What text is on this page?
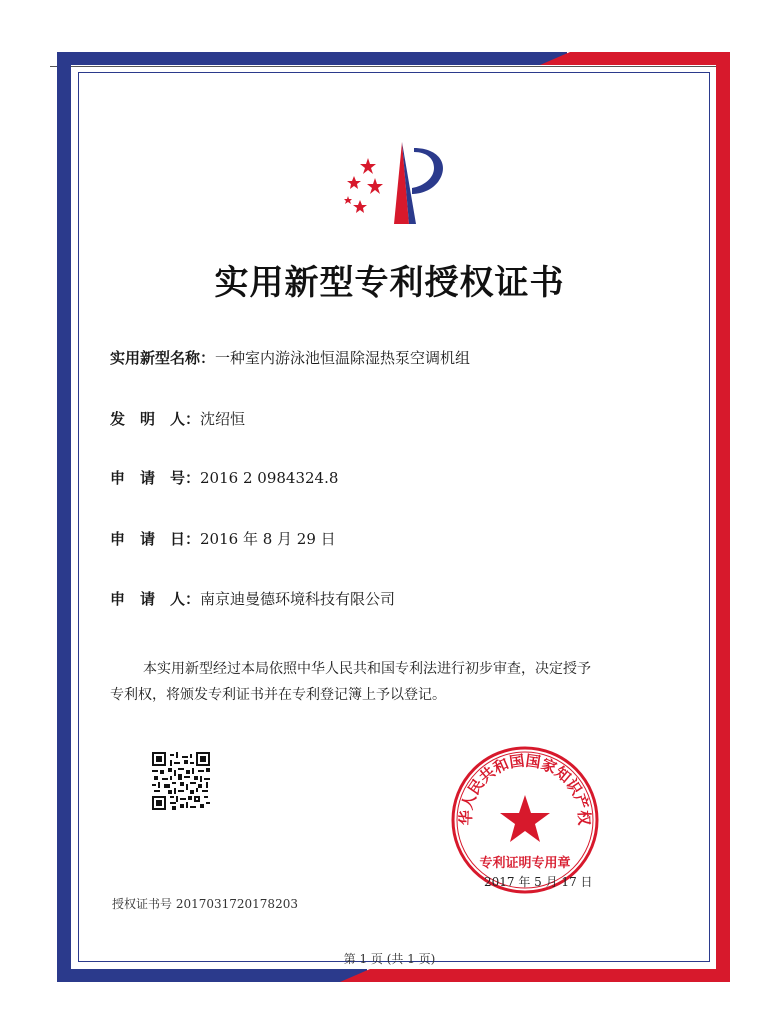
实用新型专利授权证书
实用新型名称：一种室内游泳池恒温除湿热泵空调机组
发　明　人：沈绍恒
申　请　号：2016 2 0984324.8
申　请　日：2016 年 8 月 29 日
申　请　人：南京迪曼德环境科技有限公司
本实用新型经过本局依照中华人民共和国专利法进行初步审查，决定授予
专利权，将颁发专利证书并在专利登记簿上予以登记。
华人民共和国国家知识产权
专利证明专用章
2017 年 5 月 17 日
授权证书号 2017031720178203
第 1 页 (共 1 页)
